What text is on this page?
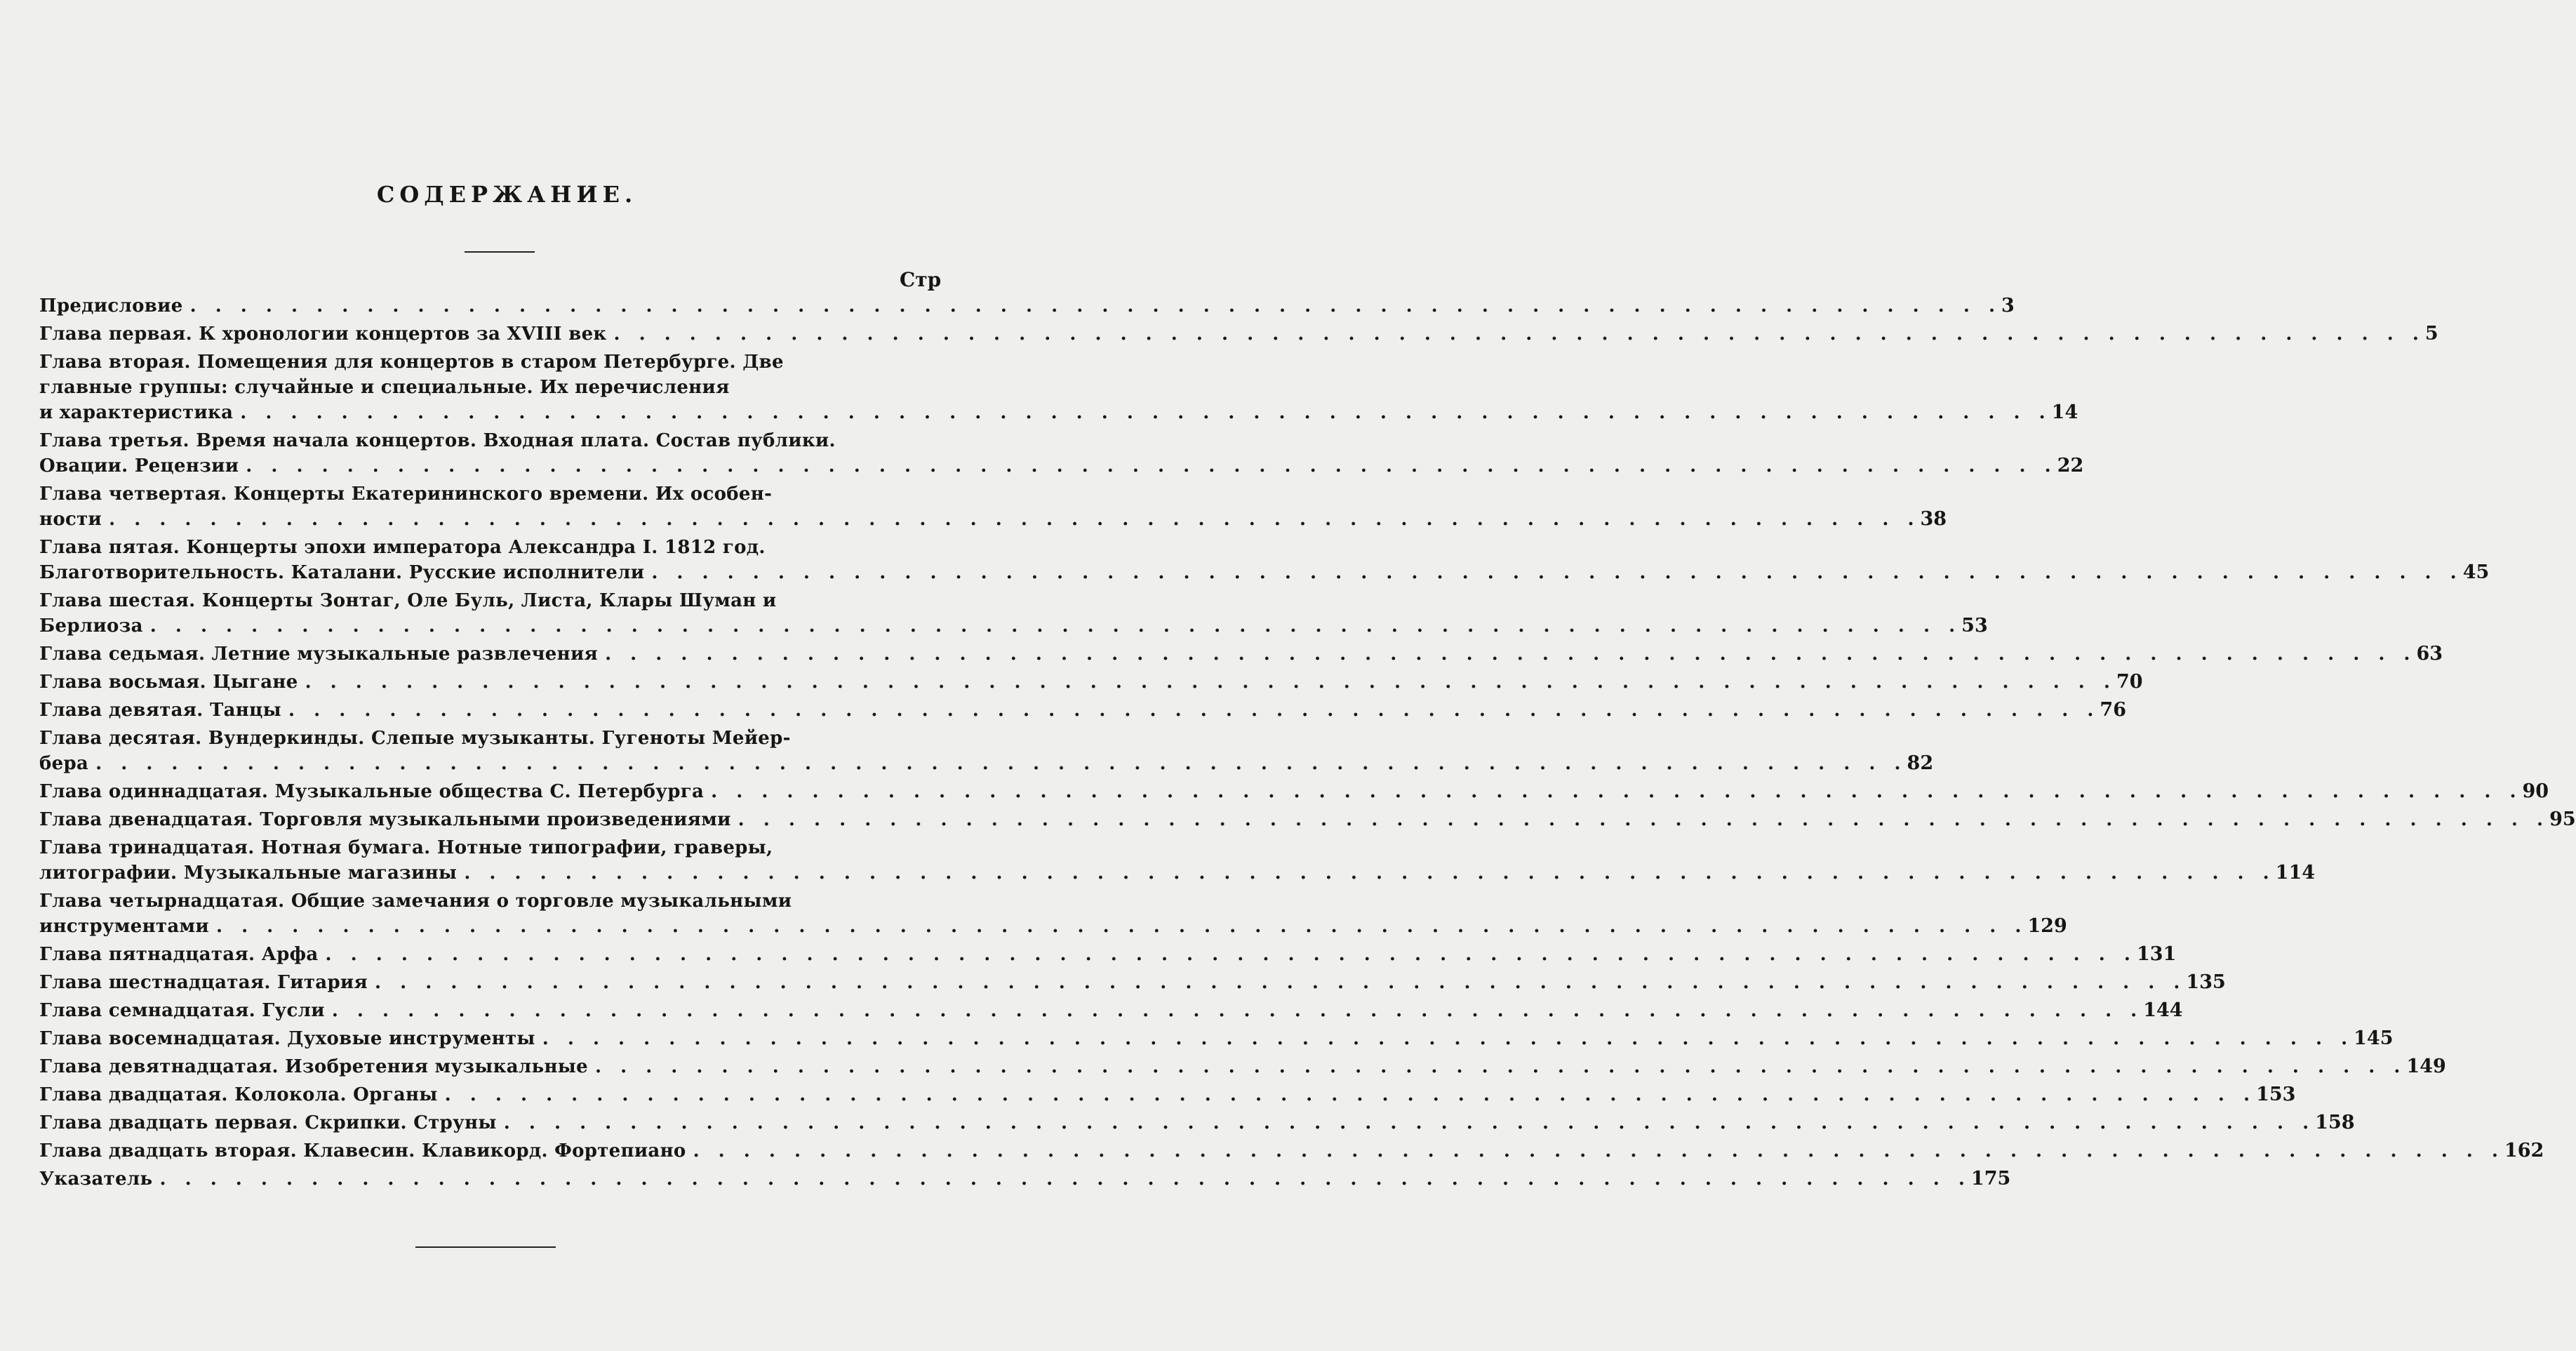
СОДЕРЖАНИЕ.
Стр
Предисловие . . .	3
Глава первая. К хронологии концертов за XVIII век . . .	5
Глава вторая. Помещения для концертов в старом Петербурге. Две
главные группы: случайные и специальные. Их перечисления
и характеристика . . .	14
Глава третья. Время начала концертов. Входная плата. Состав публики.
Овации. Рецензии . . .	22
Глава четвертая. Концерты Екатерининского времени. Их особен-
ности . . .	38
Глава пятая. Концерты эпохи императора Александра I. 1812 год.
Благотворительность. Каталани. Русские исполнители . . .	45
Глава шестая. Концерты Зонтаг, Оле Буль, Листа, Клары Шуман и
Берлиоза . . .	53
Глава седьмая. Летние музыкальные развлечения . . .	63
Глава восьмая. Цыгане . . .	70
Глава девятая. Танцы . . .	76
Глава десятая. Вундеркинды. Слепые музыканты. Гугеноты Мейер-
бера . . .	82
Глава одиннадцатая. Музыкальные общества С. Петербурга . . .	90
Глава двенадцатая. Торговля музыкальными произведениями . . .	95
Глава тринадцатая. Нотная бумага. Нотные типографии, граверы,
литографии. Музыкальные магазины . . .	114
Глава четырнадцатая. Общие замечания о торговле музыкальными
инструментами . . .	129
Глава пятнадцатая. Арфа . . .	131
Глава шестнадцатая. Гитария . . .	135
Глава семнадцатая. Гусли . . .	144
Глава восемнадцатая. Духовые инструменты . . .	145
Глава девятнадцатая. Изобретения музыкальные . . .	149
Глава двадцатая. Колокола. Органы . . .	153
Глава двадцать первая. Скрипки. Струны . . .	158
Глава двадцать вторая. Клавесин. Клавикорд. Фортепиано . . .	162
Указатель . . .	175
